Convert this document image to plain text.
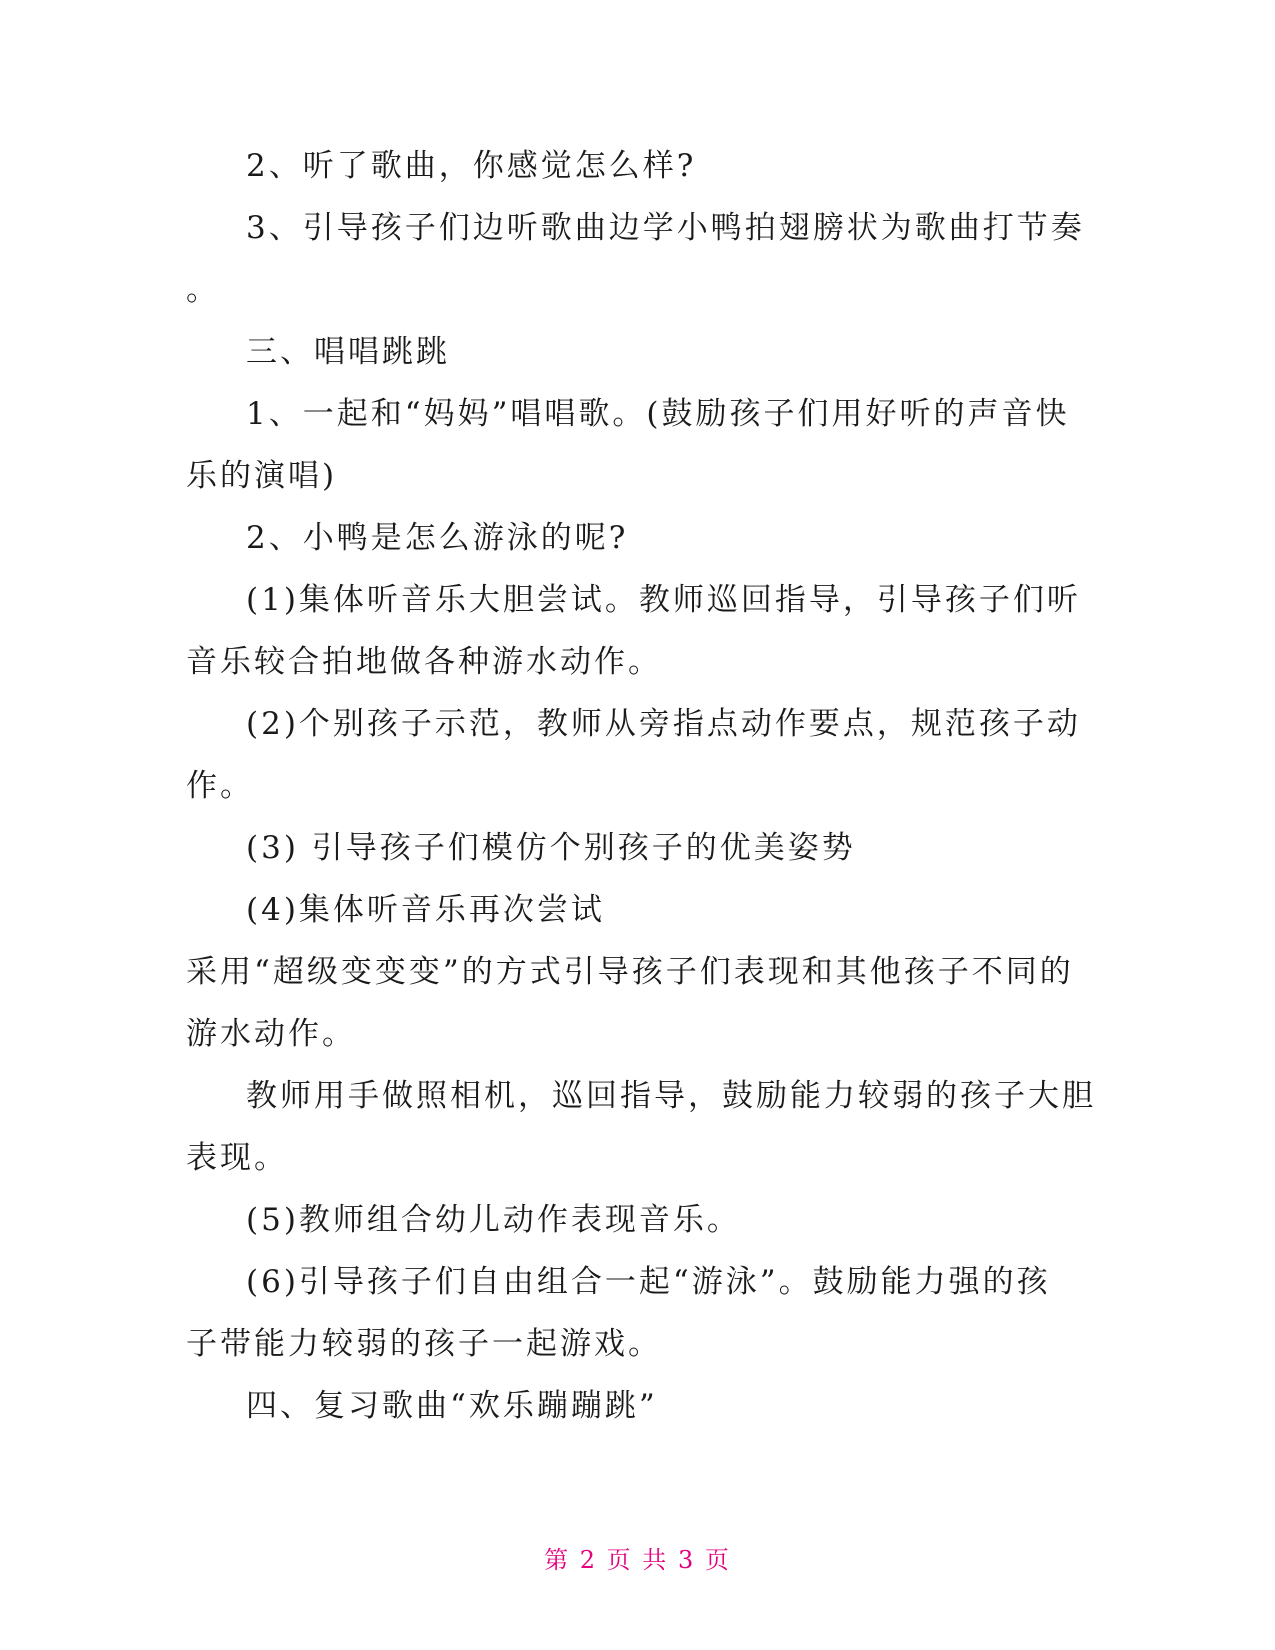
2、听了歌曲，你感觉怎么样?
3、引导孩子们边听歌曲边学小鸭拍翅膀状为歌曲打节奏
。
三、唱唱跳跳
1、一起和“妈妈”唱唱歌。(鼓励孩子们用好听的声音快
乐的演唱)
2、小鸭是怎么游泳的呢?
(1)集体听音乐大胆尝试。教师巡回指导，引导孩子们听
音乐较合拍地做各种游水动作。
(2)个别孩子示范，教师从旁指点动作要点，规范孩子动
作。
(3) 引导孩子们模仿个别孩子的优美姿势
(4)集体听音乐再次尝试
采用“超级变变变”的方式引导孩子们表现和其他孩子不同的
游水动作。
教师用手做照相机，巡回指导，鼓励能力较弱的孩子大胆
表现。
(5)教师组合幼儿动作表现音乐。
(6)引导孩子们自由组合一起“游泳”。鼓励能力强的孩
子带能力较弱的孩子一起游戏。
四、复习歌曲“欢乐蹦蹦跳”
第 2 页 共 3 页
